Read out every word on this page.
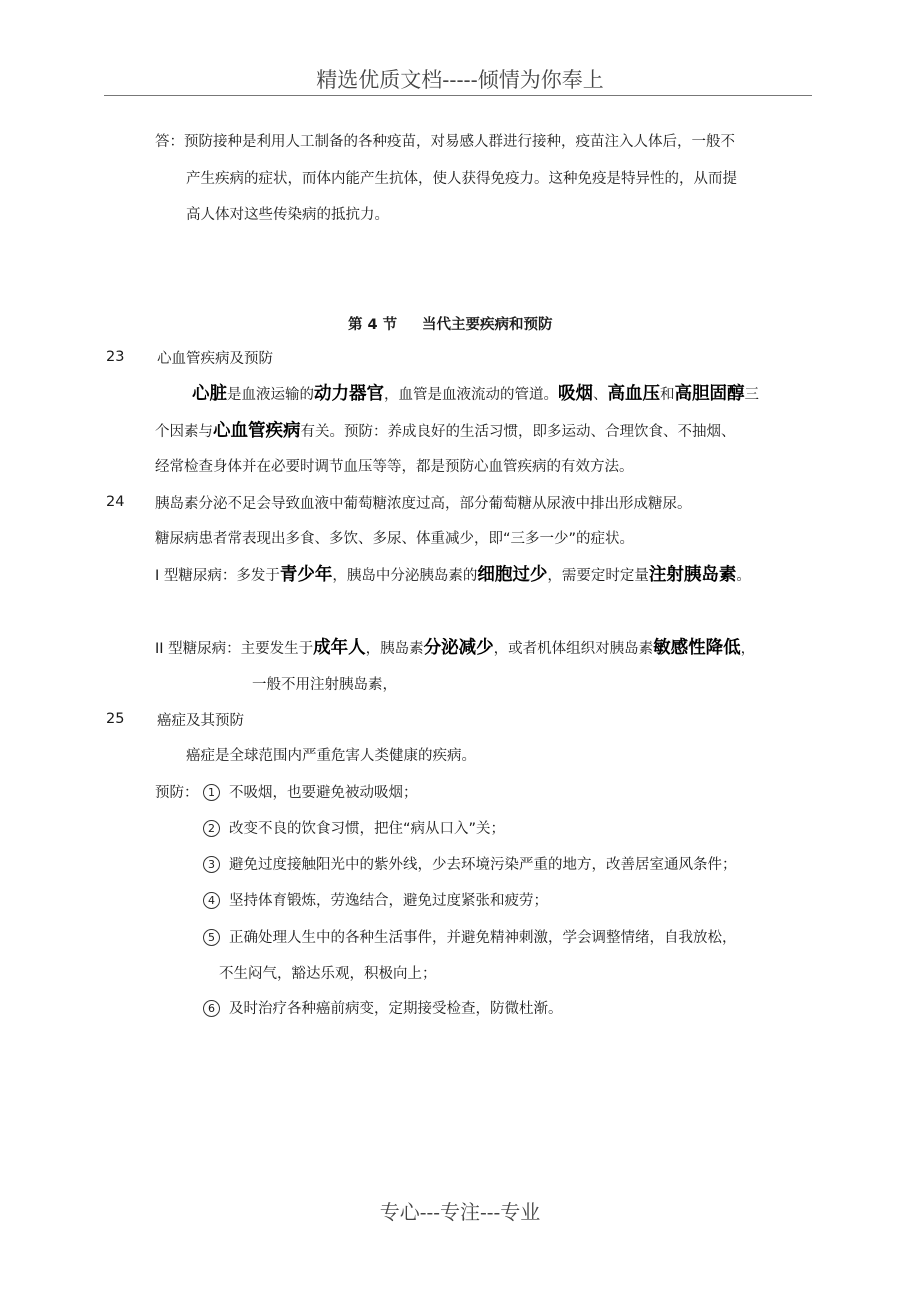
精选优质文档-----倾情为你奉上
答：预防接种是利用人工制备的各种疫苗，对易感人群进行接种，疫苗注入人体后，一般不
产生疾病的症状，而体内能产生抗体，使人获得免疫力。这种免疫是特异性的，从而提
高人体对这些传染病的抵抗力。
第 4 节 当代主要疾病和预防
23 心血管疾病及预防
心脏是血液运输的动力器官，血管是血液流动的管道。吸烟、高血压和高胆固醇三
个因素与心血管疾病有关。预防：养成良好的生活习惯，即多运动、合理饮食、不抽烟、
经常检查身体并在必要时调节血压等等，都是预防心血管疾病的有效方法。
24 胰岛素分泌不足会导致血液中葡萄糖浓度过高，部分葡萄糖从尿液中排出形成糖尿。
糖尿病患者常表现出多食、多饮、多尿、体重减少，即“三多一少”的症状。
I 型糖尿病：多发于青少年，胰岛中分泌胰岛素的细胞过少，需要定时定量注射胰岛素。
II 型糖尿病：主要发生于成年人，胰岛素分泌减少，或者机体组织对胰岛素敏感性降低，
一般不用注射胰岛素，
25 癌症及其预防
癌症是全球范围内严重危害人类健康的疾病。
预防： 1 不吸烟，也要避免被动吸烟；
2 改变不良的饮食习惯，把住“病从口入”关；
3 避免过度接触阳光中的紫外线，少去环境污染严重的地方，改善居室通风条件；
4 坚持体育锻炼，劳逸结合，避免过度紧张和疲劳；
5 正确处理人生中的各种生活事件，并避免精神刺激，学会调整情绪，自我放松，
不生闷气，豁达乐观，积极向上；
6 及时治疗各种癌前病变，定期接受检查，防微杜渐。
专心---专注---专业
